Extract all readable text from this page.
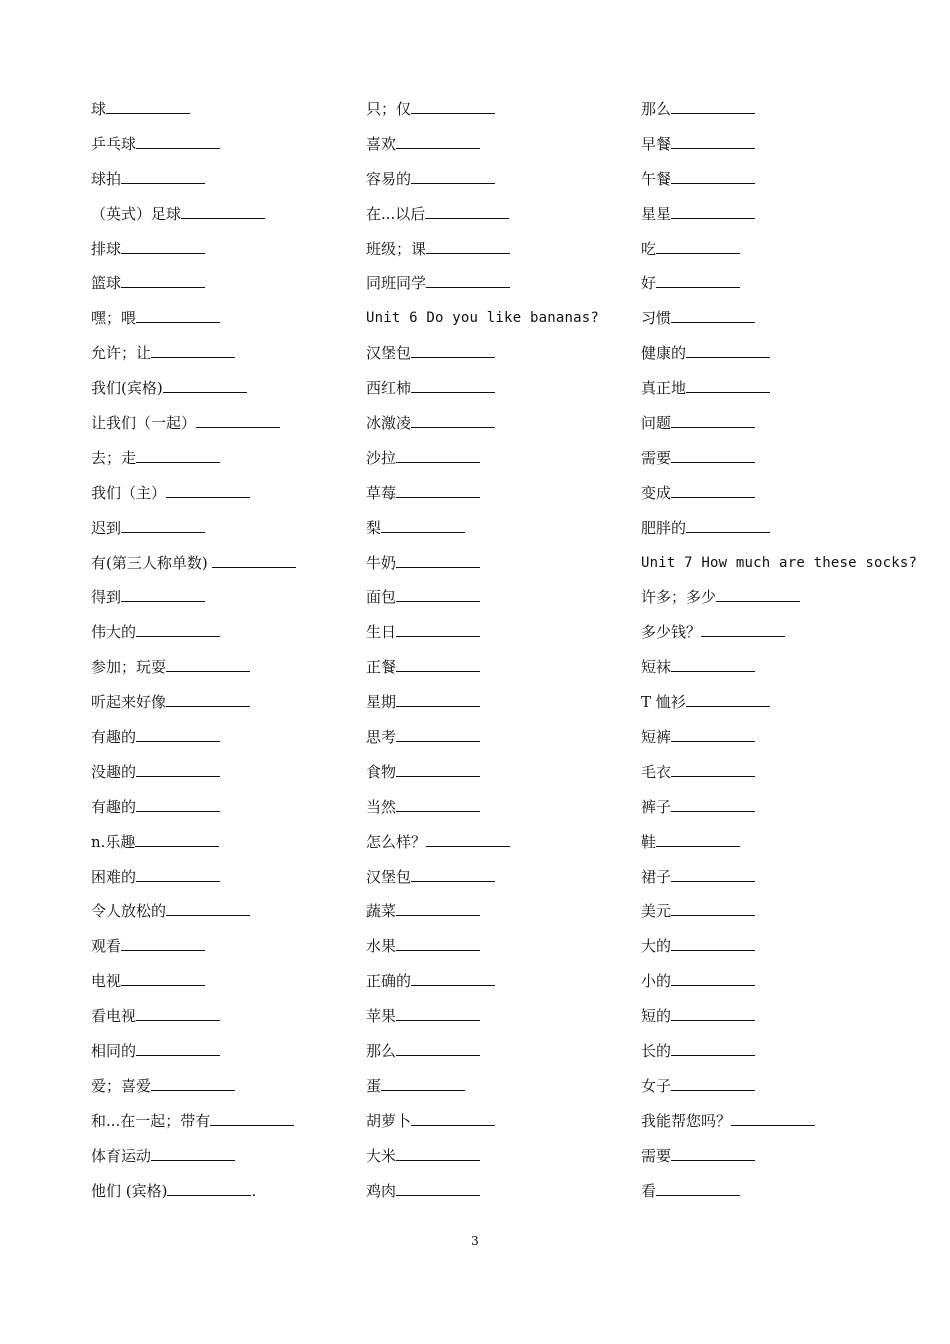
球
乒乓球
球拍
（英式）足球
排球
篮球
嘿；喂
允许；让
我们(宾格)
让我们（一起）
去；走
我们（主）
迟到
有(第三人称单数)
得到
伟大的
参加；玩耍
听起来好像
有趣的
没趣的
有趣的
n.乐趣
困难的
令人放松的
观看
电视
看电视
相同的
爱；喜爱
和...在一起；带有
体育运动
他们 (宾格)	.
只；仅
喜欢
容易的
在...以后
班级；课
同班同学
Unit 6 Do you like bananas?
汉堡包
西红柿
冰激凌
沙拉
草莓
梨
牛奶
面包
生日
正餐
星期
思考
食物
当然
怎么样？
汉堡包
蔬菜
水果
正确的
苹果
那么
蛋
胡萝卜
大米
鸡肉
那么
早餐
午餐
星星
吃
好
习惯
健康的
真正地
问题
需要
变成
肥胖的
Unit 7 How much are these socks?
许多；多少
多少钱？
短袜
T 恤衫
短裤
毛衣
裤子
鞋
裙子
美元
大的
小的
短的
长的
女子
我能帮您吗？
需要
看
3
